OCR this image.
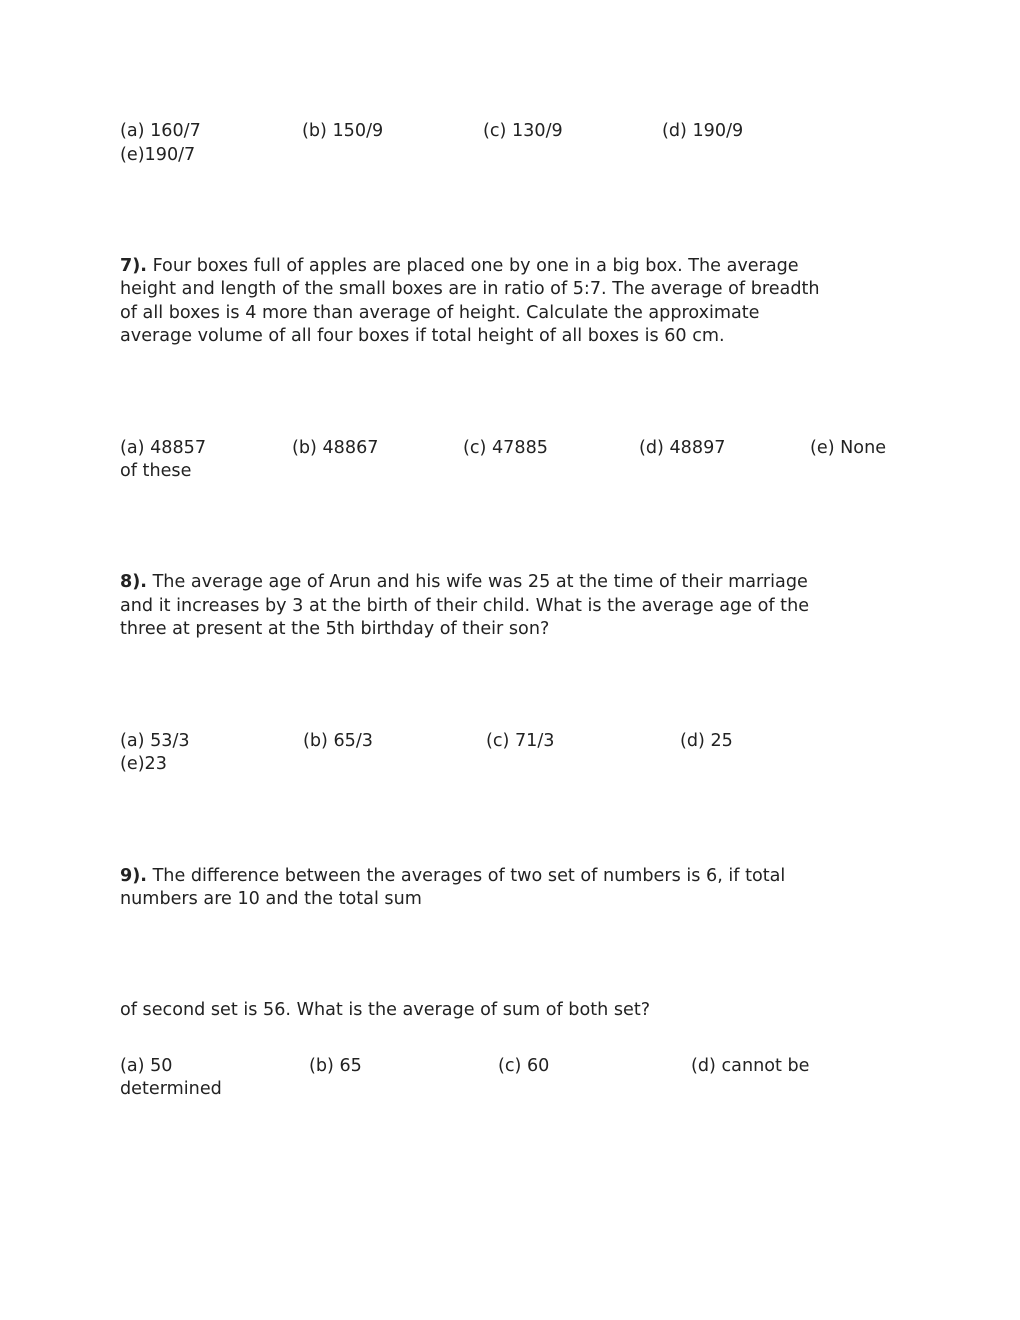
(a) 160/7	(b) 150/9	(c) 130/9	(d) 190/9
(e)190/7
7). Four boxes full of apples are placed one by one in a big box. The average
height and length of the small boxes are in ratio of 5:7. The average of breadth
of all boxes is 4 more than average of height. Calculate the approximate
average volume of all four boxes if total height of all boxes is 60 cm.
(a) 48857	(b) 48867	(c) 47885	(d) 48897	(e) None
of these
8). The average age of Arun and his wife was 25 at the time of their marriage
and it increases by 3 at the birth of their child. What is the average age of the
three at present at the 5th birthday of their son?
(a) 53/3	(b) 65/3	(c) 71/3	(d) 25
(e)23
9). The difference between the averages of two set of numbers is 6, if total
numbers are 10 and the total sum
of second set is 56. What is the average of sum of both set?
(a) 50	(b) 65	(c) 60	(d) cannot be
determined
